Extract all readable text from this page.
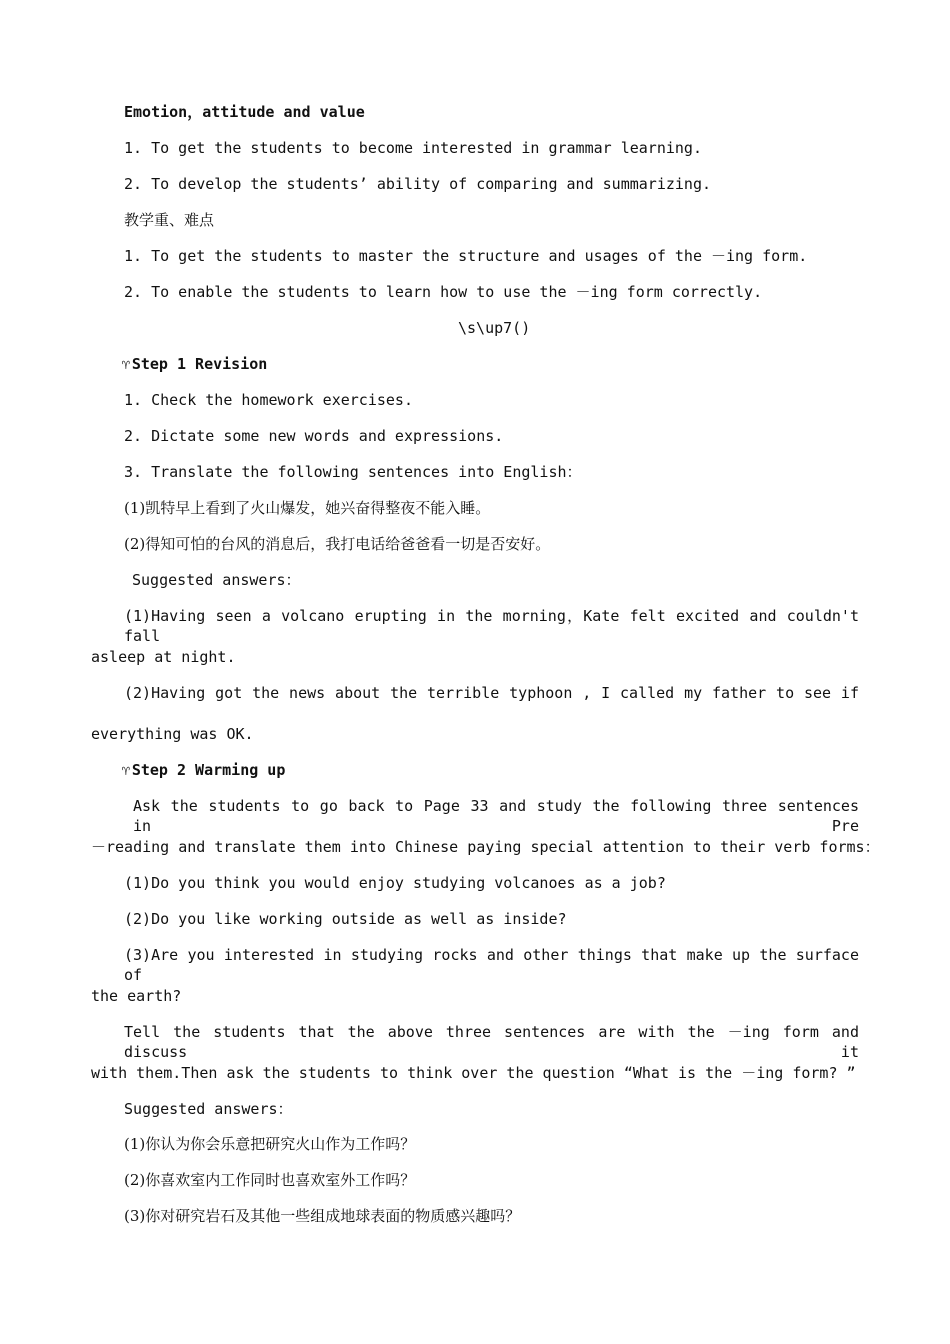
Emotion，attitude and value
1. To get the students to become interested in grammar learning.
2. To develop the students’ ability of comparing and summarizing.
教学重、难点
1. To get the students to master the structure and usages of the －ing form.
2. To enable the students to learn how to use the －ing form correctly.
\s\up7()
♈ Step 1 Revision
1. Check the homework exercises.
2. Dictate some new words and expressions.
3. Translate the following sentences into English：
(1)凯特早上看到了火山爆发，她兴奋得整夜不能入睡。
(2)得知可怕的台风的消息后，我打电话给爸爸看一切是否安好。
Suggested answers：
(1)Having seen a volcano erupting in the morning，Kate felt excited and couldn't fall
asleep at night.
(2)Having got the news about the terrible typhoon , I called my father to see if
everything was OK.
♈ Step 2 Warming up
Ask the students to go back to Page 33 and study the following three sentences in Pre
－reading and translate them into Chinese paying special attention to their verb forms：
(1)Do you think you would enjoy studying volcanoes as a job?
(2)Do you like working outside as well as inside?
(3)Are you interested in studying rocks and other things that make up the surface of
the earth?
Tell the students that the above three sentences are with the －ing form and discuss it
with them.Then ask the students to think over the question “What is the －ing form? ”
Suggested answers：
(1)你认为你会乐意把研究火山作为工作吗？
(2)你喜欢室内工作同时也喜欢室外工作吗？
(3)你对研究岩石及其他一些组成地球表面的物质感兴趣吗？
